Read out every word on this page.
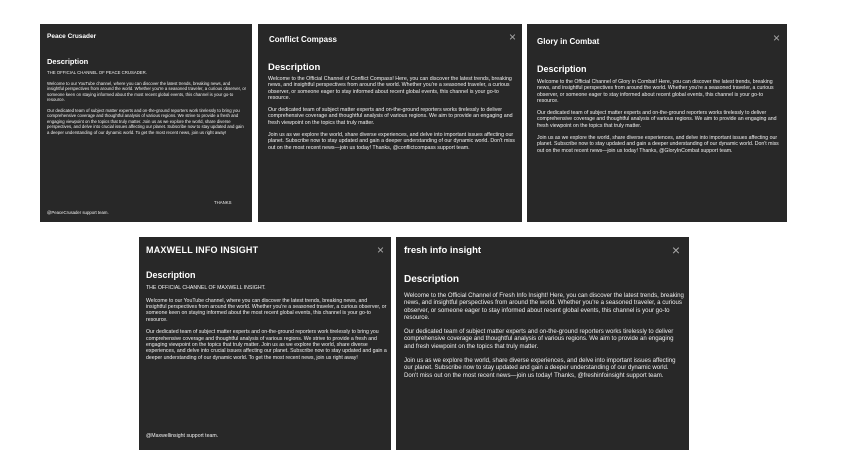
Peace Crusader
Description

THE OFFICIAL CHANNEL OF PEACE CRUSADER.

Welcome to our YouTube channel, where you can discover the latest trends, breaking news, and insightful perspectives from around the world. Whether you're a seasoned traveler, a curious observer, or someone keen on staying informed about the most recent global events, this channel is your go-to resource.

Our dedicated team of subject matter experts and on-the-ground reporters work tirelessly to bring you comprehensive coverage and thoughtful analysis of various regions. We strive to provide a fresh and engaging viewpoint on the topics that truly matter. Join us as we explore the world, share diverse perspectives, and delve into crucial issues affecting our planet. Subscribe now to stay updated and gain a deeper understanding of our dynamic world. To get the most recent news, join us right away!

THANKS
@PeaceCrusader support team.
Conflict Compass	×
Description

Welcome to the Official Channel of Conflict Compass! Here, you can discover the latest trends, breaking news, and insightful perspectives from around the world. Whether you're a seasoned traveler, a curious observer, or someone eager to stay informed about recent global events, this channel is your go-to resource.

Our dedicated team of subject matter experts and on-the-ground reporters works tirelessly to deliver comprehensive coverage and thoughtful analysis of various regions. We aim to provide an engaging and fresh viewpoint on the topics that truly matter.

Join us as we explore the world, share diverse experiences, and delve into important issues affecting our planet. Subscribe now to stay updated and gain a deeper understanding of our dynamic world. Don't miss out on the most recent news—join us today! Thanks, @conflictcompass support team.

Glory in Combat	×
Description

Welcome to the Official Channel of Glory in Combat! Here, you can discover the latest trends, breaking news, and insightful perspectives from around the world. Whether you're a seasoned traveler, a curious observer, or someone eager to stay informed about recent global events, this channel is your go-to resource.

Our dedicated team of subject matter experts and on-the-ground reporters works tirelessly to deliver comprehensive coverage and thoughtful analysis of various regions. We aim to provide an engaging and fresh viewpoint on the topics that truly matter.

Join us as we explore the world, share diverse experiences, and delve into important issues affecting our planet. Subscribe now to stay updated and gain a deeper understanding of our dynamic world. Don't miss out on the most recent news—join us today! Thanks, @GloryInCombat support team.

MAXWELL INFO INSIGHT	×
Description

THE OFFICIAL CHANNEL OF MAXWELL INSIGHT.

Welcome to our YouTube channel, where you can discover the latest trends, breaking news, and insightful perspectives from around the world. Whether you're a seasoned traveler, a curious observer, or someone keen on staying informed about the most recent global events, this channel is your go-to resource.

Our dedicated team of subject matter experts and on-the-ground reporters work tirelessly to bring you comprehensive coverage and thoughtful analysis of various regions. We strive to provide a fresh and engaging viewpoint on the topics that truly matter. Join us as we explore the world, share diverse experiences, and delve into crucial issues affecting our planet. Subscribe now to stay updated and gain a deeper understanding of our dynamic world. To get the most recent news, join us right away!

@Maxwellinsight support team.
fresh info insight	×
Description

Welcome to the Official Channel of Fresh Info Insight! Here, you can discover the latest trends, breaking news, and insightful perspectives from around the world. Whether you're a seasoned traveler, a curious observer, or someone eager to stay informed about recent global events, this channel is your go-to resource.

Our dedicated team of subject matter experts and on-the-ground reporters works tirelessly to deliver comprehensive coverage and thoughtful analysis of various regions. We aim to provide an engaging and fresh viewpoint on the topics that truly matter.

Join us as we explore the world, share diverse experiences, and delve into important issues affecting our planet. Subscribe now to stay updated and gain a deeper understanding of our dynamic world. Don't miss out on the most recent news—join us today! Thanks, @freshinfoinsight support team.
